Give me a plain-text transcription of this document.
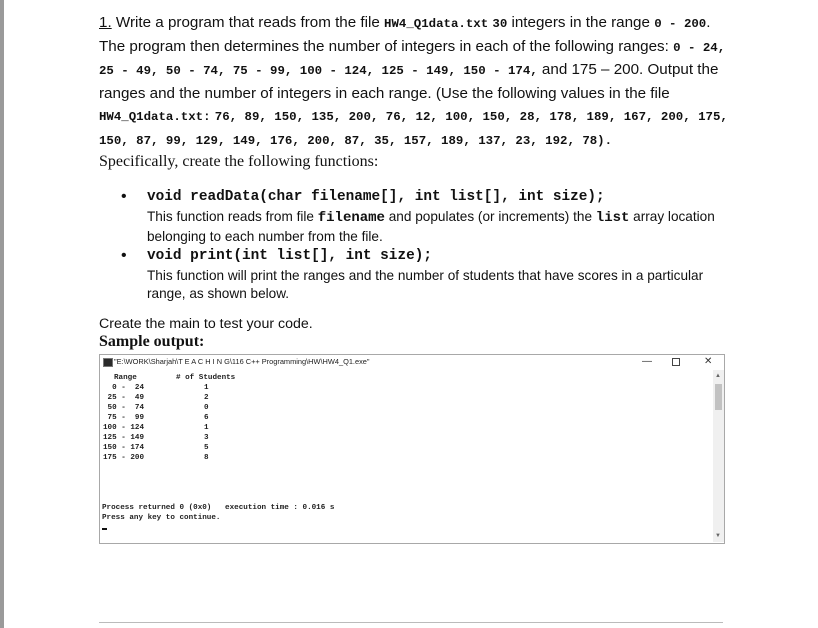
1. Write a program that reads from the file HW4_Q1data.txt 30 integers in the range 0 - 200. The program then determines the number of integers in each of the following ranges: 0 - 24, 25 - 49, 50 - 74, 75 - 99, 100 - 124, 125 - 149, 150 - 174, and 175 – 200. Output the ranges and the number of integers in each range. (Use the following values in the file HW4_Q1data.txt: 76, 89, 150, 135, 200, 76, 12, 100, 150, 28, 178, 189, 167, 200, 175, 150, 87, 99, 129, 149, 176, 200, 87, 35, 157, 189, 137, 23, 192, 78).

Specifically, create the following functions:

• void readData(char filename[], int list[], int size);
This function reads from file filename and populates (or increments) the list array location belonging to each number from the file.
• void print(int list[], int size);
This function will print the ranges and the number of students that have scores in a particular range, as shown below.

Create the main to test your code.

Sample output:

"E:\WORK\Sharjah\T E A C H I N G\116 C++ Programming\HW\HW4_Q1.exe"	—	✕
Range	# of Students
0 -  24	1
25 -  49	2
50 -  74	0
75 -  99	6
100 - 124	1
125 - 149	3
150 - 174	5
175 - 200	8
Process returned 0 (0x0)   execution time : 0.016 s
Press any key to continue.
▲
▼
